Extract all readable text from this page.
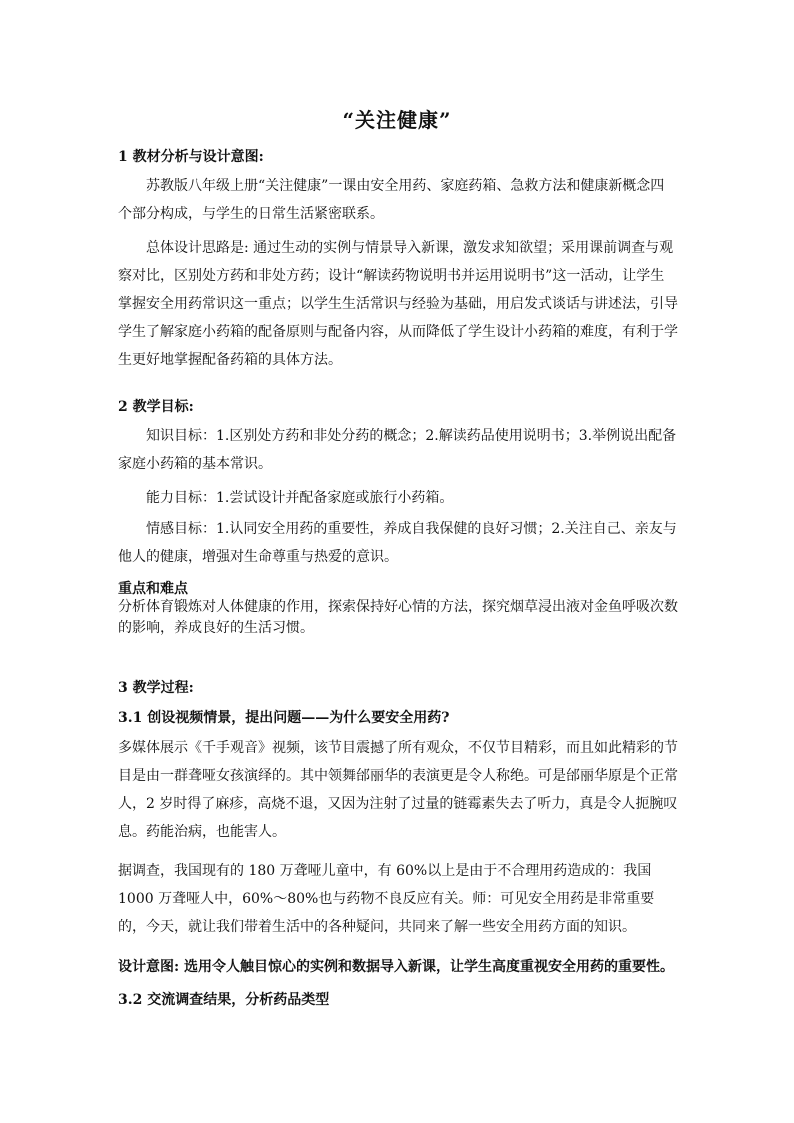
“关注健康”
1 教材分析与设计意图:
苏教版八年级上册“关注健康”一课由安全用药、家庭药箱、急救方法和健康新概念四个部分构成，与学生的日常生活紧密联系。
总体设计思路是: 通过生动的实例与情景导入新课，激发求知欲望；采用课前调查与观察对比，区别处方药和非处方药；设计“解读药物说明书并运用说明书”这一活动，让学生掌握安全用药常识这一重点；以学生生活常识与经验为基础，用启发式谈话与讲述法，引导学生了解家庭小药箱的配备原则与配备内容，从而降低了学生设计小药箱的难度，有利于学生更好地掌握配备药箱的具体方法。
2 教学目标:
知识目标：1.区别处方药和非处分药的概念；2.解读药品使用说明书；3.举例说出配备家庭小药箱的基本常识。
能力目标：1.尝试设计并配备家庭或旅行小药箱。
情感目标：1.认同安全用药的重要性，养成自我保健的良好习惯；2.关注自己、亲友与他人的健康，增强对生命尊重与热爱的意识。
重点和难点
分析体育锻炼对人体健康的作用，探索保持好心情的方法，探究烟草浸出液对金鱼呼吸次数的影响，养成良好的生活习惯。
3 教学过程:
3.1 创设视频情景，提出问题——为什么要安全用药?
多媒体展示《千手观音》视频，该节目震撼了所有观众，不仅节目精彩，而且如此精彩的节目是由一群聋哑女孩演绎的。其中领舞邰丽华的表演更是令人称绝。可是邰丽华原是个正常人，2 岁时得了麻疹，高烧不退，又因为注射了过量的链霉素失去了听力，真是令人扼腕叹息。药能治病，也能害人。
据调查，我国现有的 180 万聋哑儿童中，有 60%以上是由于不合理用药造成的：我国 1000 万聋哑人中，60%～80%也与药物不良反应有关。师：可见安全用药是非常重要的，今天，就让我们带着生活中的各种疑问，共同来了解一些安全用药方面的知识。
设计意图: 选用令人触目惊心的实例和数据导入新课，让学生高度重视安全用药的重要性。
3.2 交流调查结果，分析药品类型
